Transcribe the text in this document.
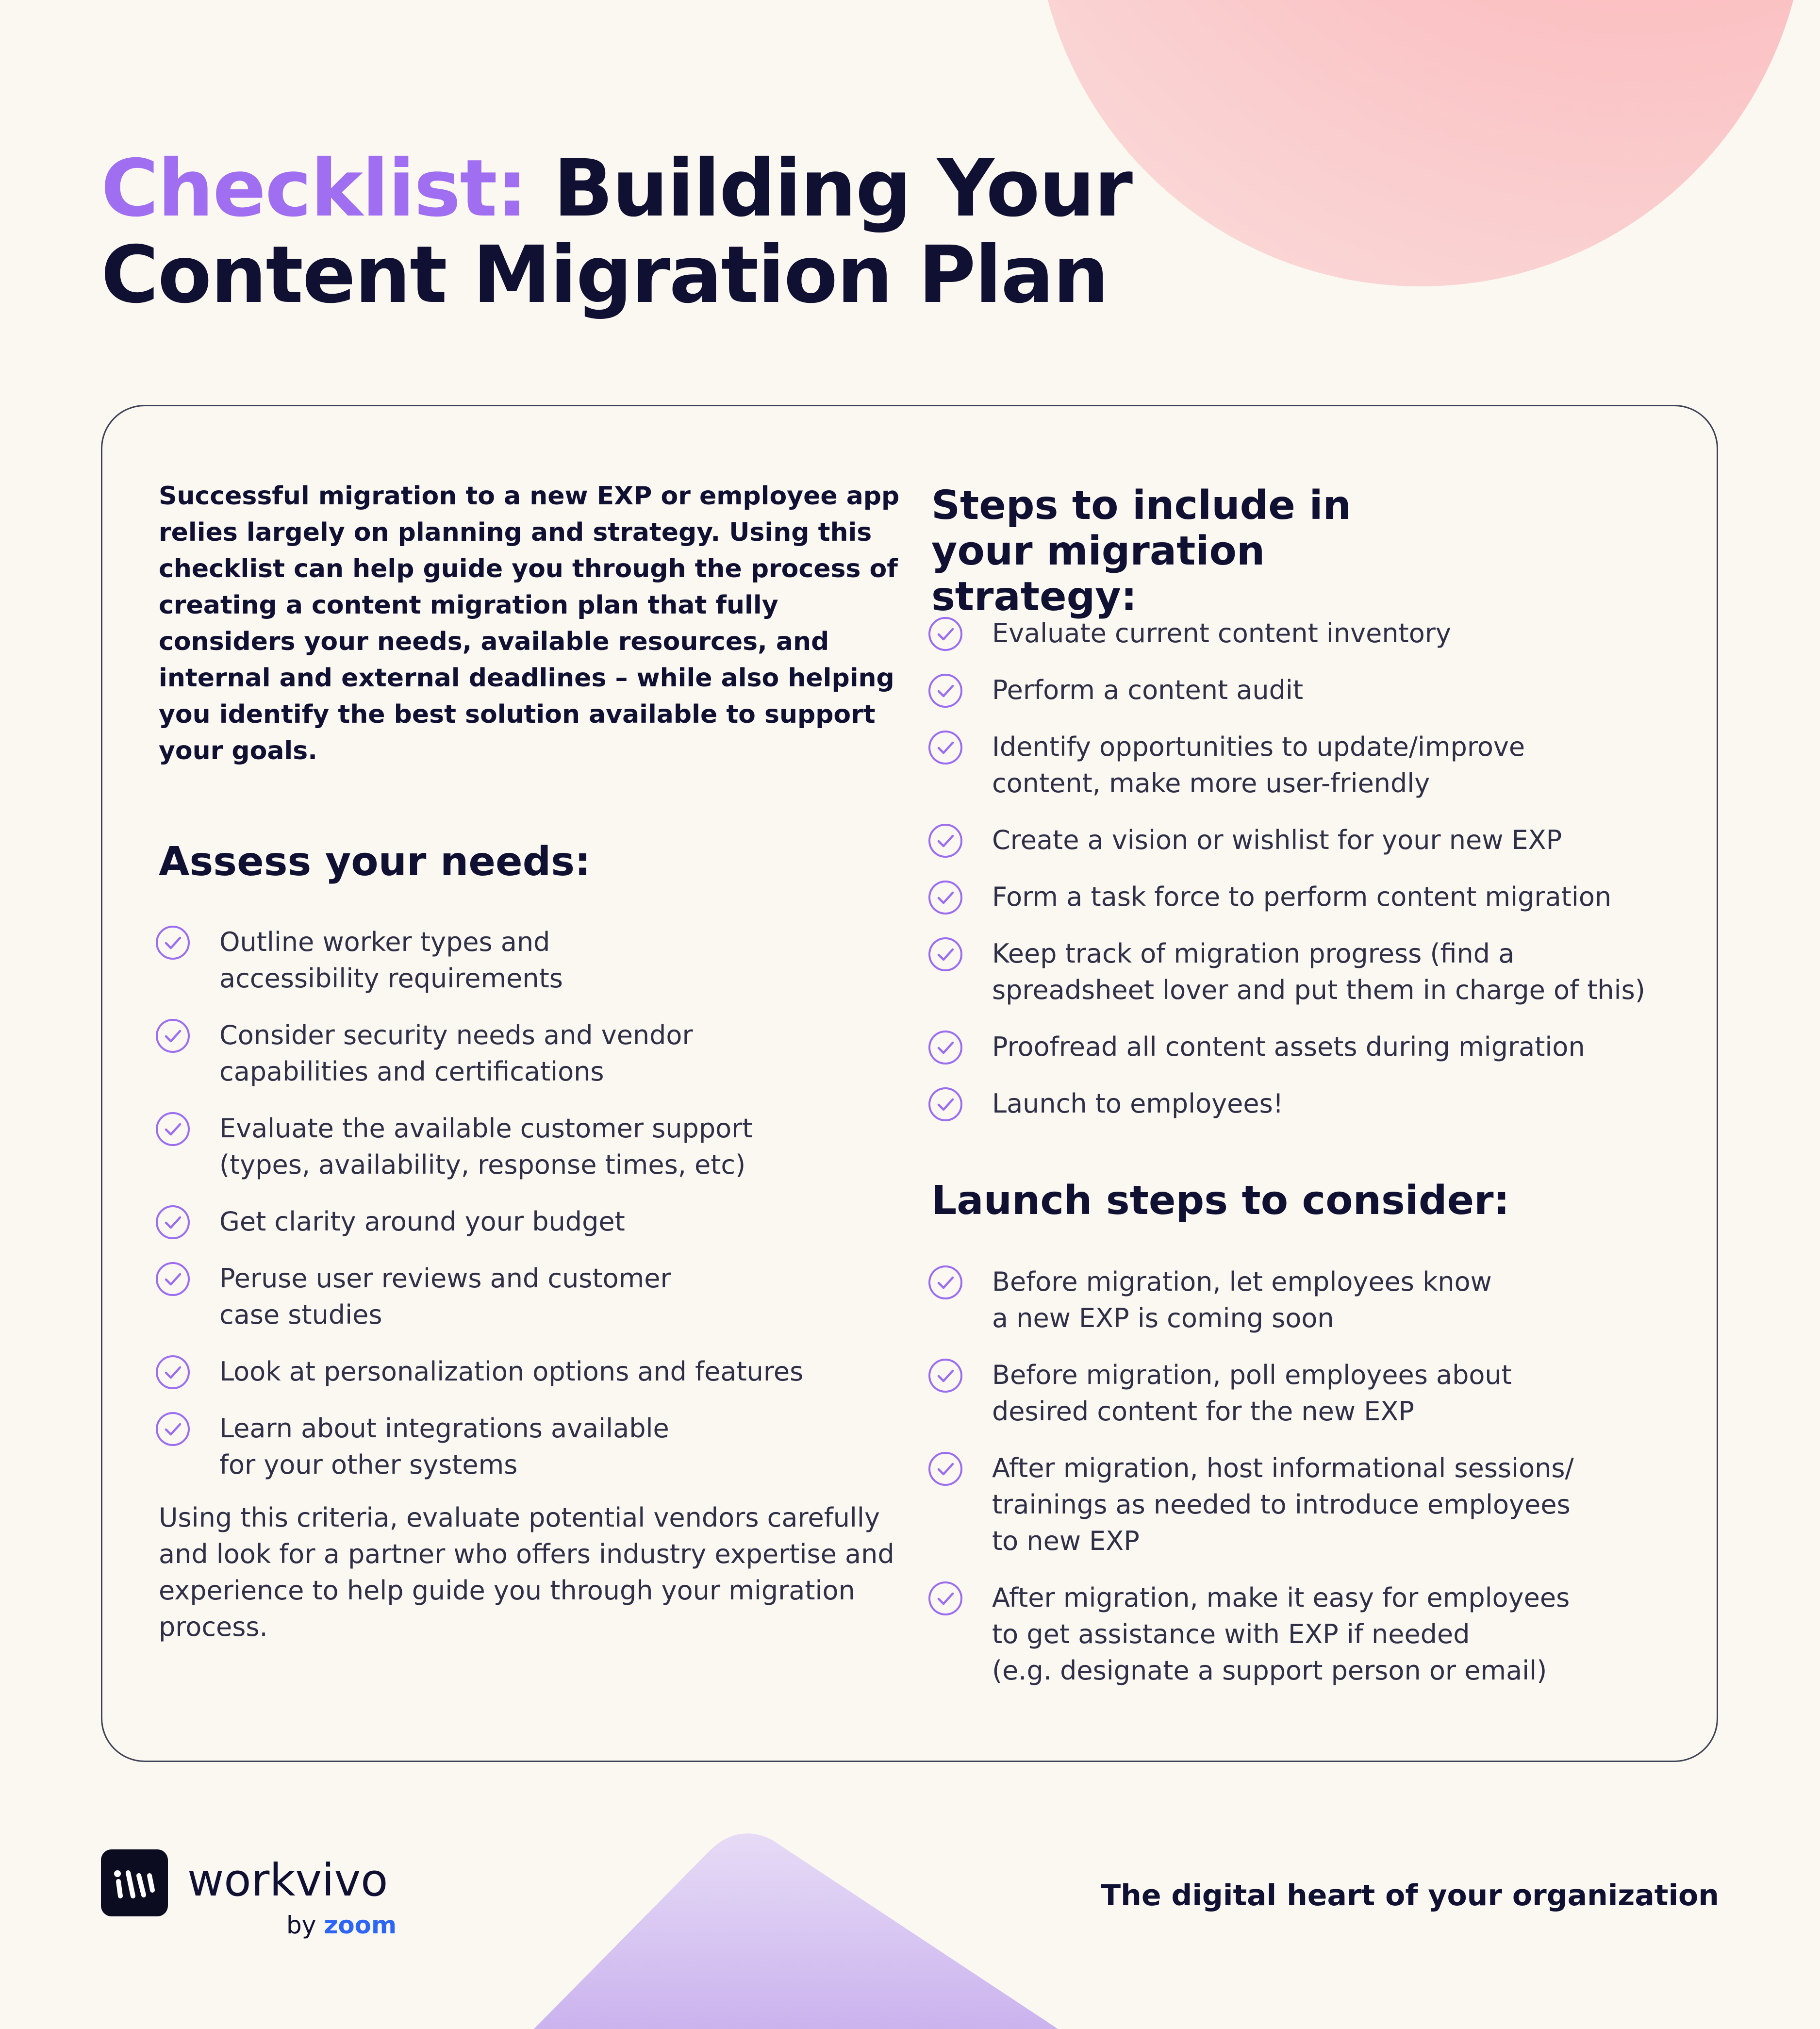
Checklist: Building Your
Content Migration Plan

Successful migration to a new EXP or employee app relies largely on planning and strategy. Using this checklist can help guide you through the process of creating a content migration plan that fully considers your needs, available resources, and internal and external deadlines – while also helping you identify the best solution available to support your goals.

Assess your needs:
Outline worker types and
accessibility requirements
Consider security needs and vendor
capabilities and certifications
Evaluate the available customer support
(types, availability, response times, etc)
Get clarity around your budget
Peruse user reviews and customer
case studies
Look at personalization options and features
Learn about integrations available
for your other systems

Using this criteria, evaluate potential vendors carefully and look for a partner who offers industry expertise and experience to help guide you through your migration process.

Steps to include in your migration strategy:
Evaluate current content inventory
Perform a content audit
Identify opportunities to update/improve
content, make more user-friendly
Create a vision or wishlist for your new EXP
Form a task force to perform content migration
Keep track of migration progress (find a
spreadsheet lover and put them in charge of this)
Proofread all content assets during migration
Launch to employees!
Launch steps to consider:
Before migration, let employees know
a new EXP is coming soon
Before migration, poll employees about
desired content for the new EXP
After migration, host informational sessions/
trainings as needed to introduce employees
to new EXP
After migration, make it easy for employees
to get assistance with EXP if needed
(e.g. designate a support person or email)
workvivo
by zoom

The digital heart of your organization
